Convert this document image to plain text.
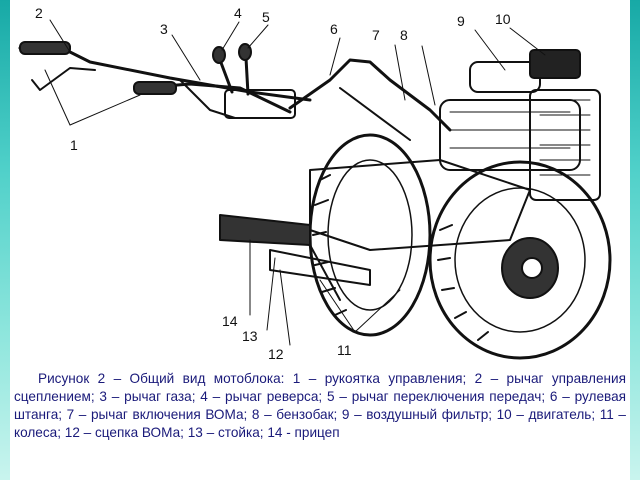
1
2
3
4 5
6 7 8
9 10
11
12
13
14

Рисунок 2 – Общий вид мотоблока: 1 – рукоятка управления; 2 – рычаг управления сцеплением; 3 – рычаг газа; 4 – рычаг реверса; 5 – рычаг переключения передач; 6 – рулевая штанга; 7 – рычаг включения ВОМа; 8 – бензобак; 9 – воздушный фильтр; 10 – двигатель; 11 – колеса; 12 – сцепка ВОМа; 13 – стойка; 14 - прицеп
